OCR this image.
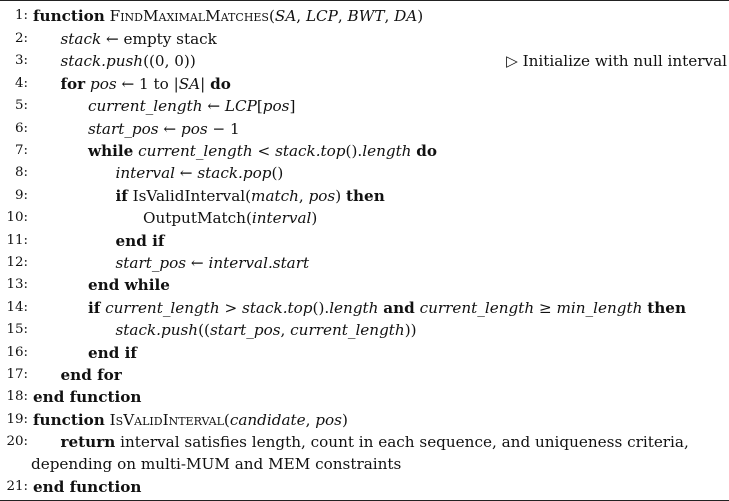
1: function FindMaximalMatches(SA, LCP, BWT, DA)
2: stack ← empty stack
3: stack.push((0, 0))	▷ Initialize with null interval
4: for pos ← 1 to |SA| do
5:	current_length ← LCP[pos]
6:	start_pos ← pos − 1
7:	while current_length < stack.top().length do
8:	interval ← stack.pop()
9:	if IsValidInterval(match, pos) then
10:	OutputMatch(interval)
11:	end if
12:	start_pos ← interval.start
13:	end while
14:	if current_length > stack.top().length and current_length ≥ min_length then
15:	stack.push((start_pos, current_length))
16:	end if
17: end for
18: end function
19: function IsValidInterval(candidate, pos)
20: return interval satisfies length, count in each sequence, and uniqueness criteria,
depending on multi-MUM and MEM constraints
21: end function
